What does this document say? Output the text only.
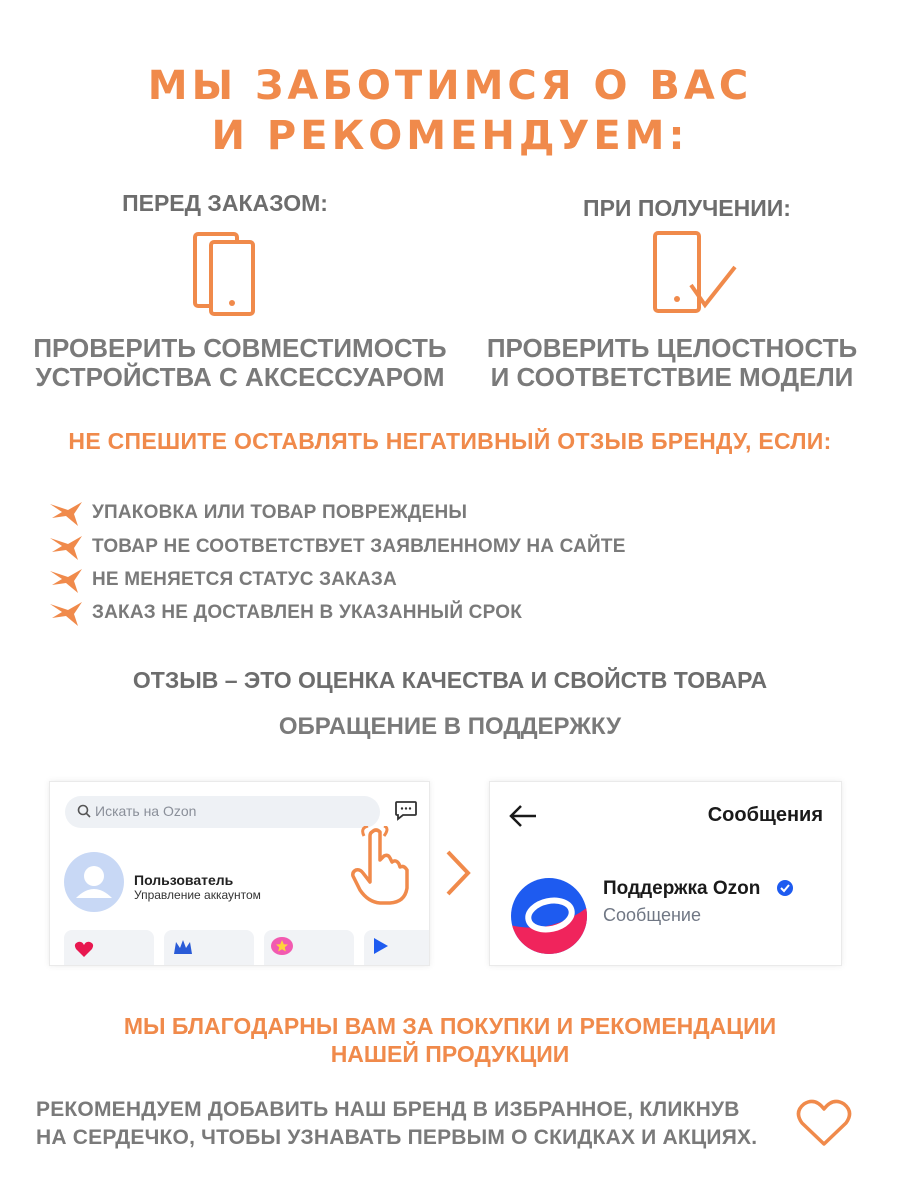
МЫ ЗАБОТИМСЯ О ВАС
И РЕКОМЕНДУЕМ:
ПЕРЕД ЗАКАЗОМ:
ПРОВЕРИТЬ СОВМЕСТИМОСТЬ
УСТРОЙСТВА С АКСЕССУАРОМ
ПРИ ПОЛУЧЕНИИ:
ПРОВЕРИТЬ ЦЕЛОСТНОСТЬ
И СООТВЕТСТВИЕ МОДЕЛИ
НЕ СПЕШИТЕ ОСТАВЛЯТЬ НЕГАТИВНЫЙ ОТЗЫВ БРЕНДУ, ЕСЛИ:
УПАКОВКА ИЛИ ТОВАР ПОВРЕЖДЕНЫ
ТОВАР НЕ СООТВЕТСТВУЕТ ЗАЯВЛЕННОМУ НА САЙТЕ
НЕ МЕНЯЕТСЯ СТАТУС ЗАКАЗА
ЗАКАЗ НЕ ДОСТАВЛЕН В УКАЗАННЫЙ СРОК
ОТЗЫВ – ЭТО ОЦЕНКА КАЧЕСТВА И СВОЙСТВ ТОВАРА
ОБРАЩЕНИЕ В ПОДДЕРЖКУ
Искать на Ozon
Пользователь
Управление аккаунтом
Сообщения
Поддержка Ozon
Сообщение
МЫ БЛАГОДАРНЫ ВАМ ЗА ПОКУПКИ И РЕКОМЕНДАЦИИ
НАШЕЙ ПРОДУКЦИИ
РЕКОМЕНДУЕМ ДОБАВИТЬ НАШ БРЕНД В ИЗБРАННОЕ, КЛИКНУВ
НА СЕРДЕЧКО, ЧТОБЫ УЗНАВАТЬ ПЕРВЫМ О СКИДКАХ И АКЦИЯХ.
